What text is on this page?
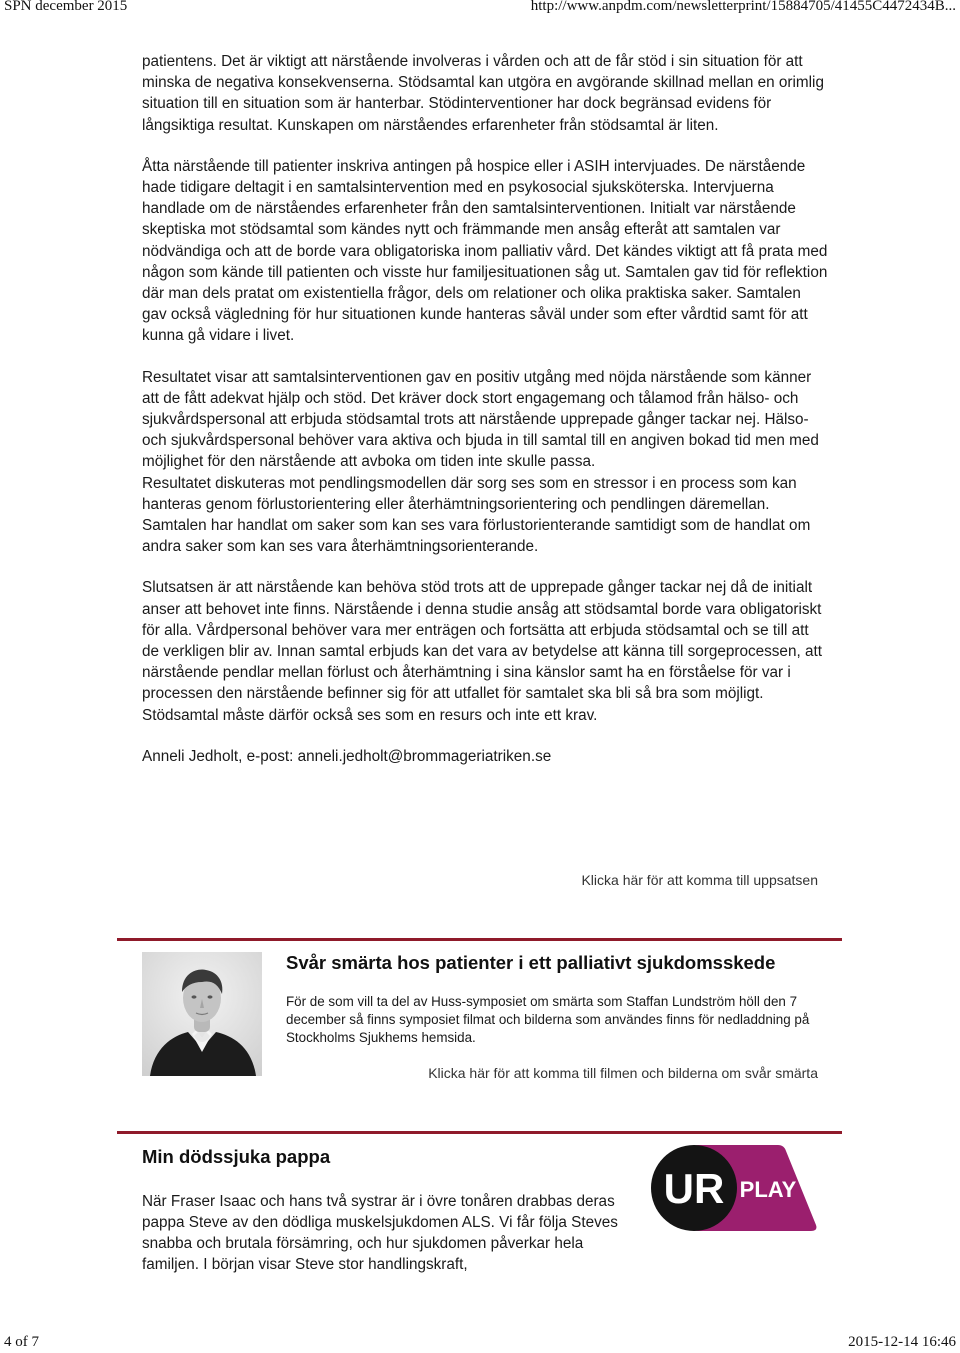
SPN december 2015	http://www.anpdm.com/newsletterprint/15884705/41455C4472434B...

patientens. Det är viktigt att närstående involveras i vården och att de får stöd i sin situation för att minska de negativa konsekvenserna. Stödsamtal kan utgöra en avgörande skillnad mellan en orimlig situation till en situation som är hanterbar. Stödinterventioner har dock begränsad evidens för långsiktiga resultat. Kunskapen om närståendes erfarenheter från stödsamtal är liten.

Åtta närstående till patienter inskriva antingen på hospice eller i ASIH intervjuades. De närstående hade tidigare deltagit i en samtalsintervention med en psykosocial sjuksköterska. Intervjuerna handlade om de närståendes erfarenheter från den samtalsinterventionen. Initialt var närstående skeptiska mot stödsamtal som kändes nytt och främmande men ansåg efteråt att samtalen var nödvändiga och att de borde vara obligatoriska inom palliativ vård. Det kändes viktigt att få prata med någon som kände till patienten och visste hur familjesituationen såg ut. Samtalen gav tid för reflektion där man dels pratat om existentiella frågor, dels om relationer och olika praktiska saker. Samtalen gav också vägledning för hur situationen kunde hanteras såväl under som efter vårdtid samt för att kunna gå vidare i livet.

Resultatet visar att samtalsinterventionen gav en positiv utgång med nöjda närstående som känner att de fått adekvat hjälp och stöd. Det kräver dock stort engagemang och tålamod från hälso- och sjukvårdspersonal att erbjuda stödsamtal trots att närstående upprepade gånger tackar nej. Hälso- och sjukvårdspersonal behöver vara aktiva och bjuda in till samtal till en angiven bokad tid men med möjlighet för den närstående att avboka om tiden inte skulle passa.

Resultatet diskuteras mot pendlingsmodellen där sorg ses som en stressor i en process som kan hanteras genom förlustorientering eller återhämtningsorientering och pendlingen däremellan. Samtalen har handlat om saker som kan ses vara förlustorienterande samtidigt som de handlat om andra saker som kan ses vara återhämtningsorienterande.

Slutsatsen är att närstående kan behöva stöd trots att de upprepade gånger tackar nej då de initialt anser att behovet inte finns. Närstående i denna studie ansåg att stödsamtal borde vara obligatoriskt för alla. Vårdpersonal behöver vara mer enträgen och fortsätta att erbjuda stödsamtal och se till att de verkligen blir av. Innan samtal erbjuds kan det vara av betydelse att känna till sorgeprocessen, att närstående pendlar mellan förlust och återhämtning i sina känslor samt ha en förståelse för var i processen den närstående befinner sig för att utfallet för samtalet ska bli så bra som möjligt. Stödsamtal måste därför också ses som en resurs och inte ett krav.

Anneli Jedholt, e-post: anneli.jedholt@brommageriatriken.se

Klicka här för att komma till uppsatsen
Svår smärta hos patienter i ett palliativt sjukdomsskede

För de som vill ta del av Huss-symposiet om smärta som Staffan Lundström höll den 7 december så finns symposiet filmat och bilderna som användes finns för nedladdning på Stockholms Sjukhems hemsida.

Klicka här för att komma till filmen och bilderna om svår smärta
Min dödssjuka pappa

När Fraser Isaac och hans två systrar är i övre tonåren drabbas deras pappa Steve av den dödliga muskelsjukdomen ALS. Vi får följa Steves snabba och brutala försämring, och hur sjukdomen påverkar hela familjen. I början visar Steve stor handlingskraft,

UR PLAY
4 of 7	2015-12-14 16:46
